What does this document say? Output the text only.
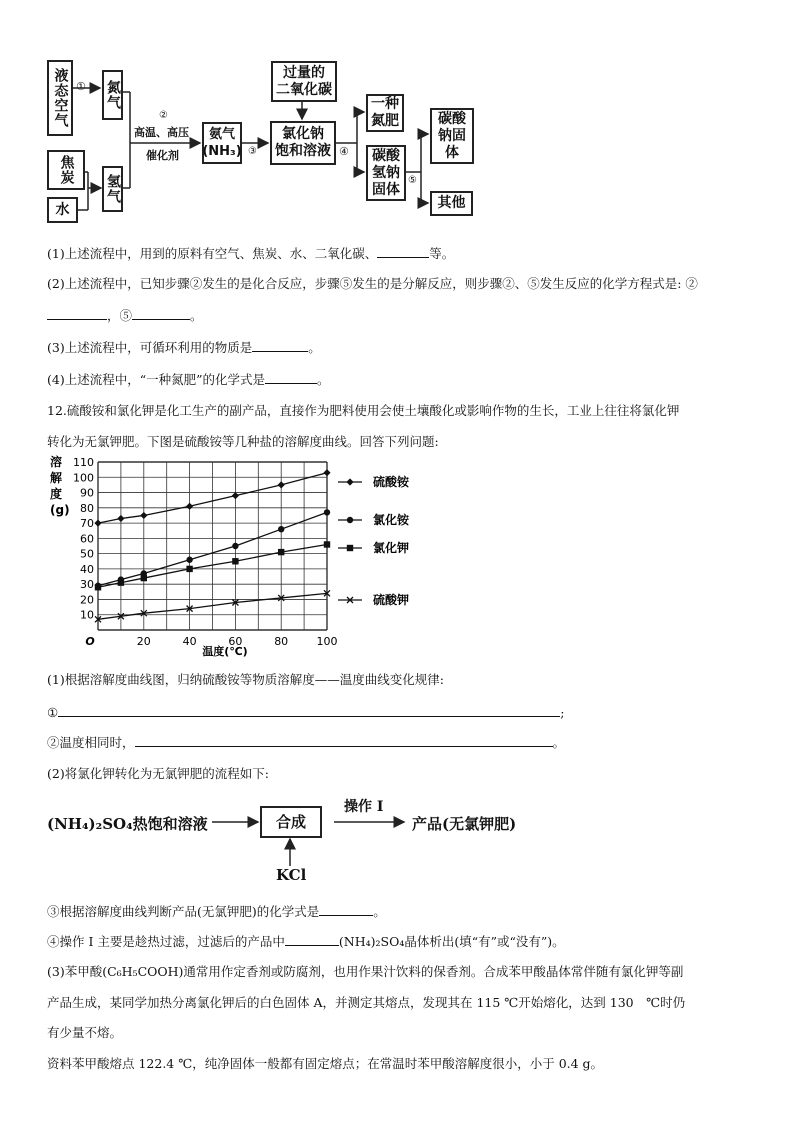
液态空气 ① 氮气
焦炭
水
氢气
②
高温、高压
催化剂
氨气
(NH₃) ③
过量的
二氧化碳
氯化钠
饱和溶液 ④
一种
氮肥
碳酸
氢钠
固体
⑤
碳酸
钠固
体
其他
(1)上述流程中，用到的原料有空气、焦炭、水、二氧化碳、	等。
(2)上述流程中，已知步骤②发生的是化合反应，步骤⑤发生的是分解反应，则步骤②、⑤发生反应的化学方程式是: ②
，⑤	。
(3)上述流程中，可循环利用的物质是	。
(4)上述流程中，“一种氮肥”的化学式是	。
12.硫酸铵和氯化钾是化工生产的副产品，直接作为肥料使用会使土壤酸化或影响作物的生长，工业上往往将氯化钾
转化为无氯钾肥。下图是硫酸铵等几种盐的溶解度曲线。回答下列问题:
10
20
30
40
50
60
70
80
90
100
110
O	20	40	60	80	100
硫酸铵
氯化铵
氯化钾
硫酸钾
溶解度(g)
温度(℃)
(1)根据溶解度曲线图，归纳硫酸铵等物质溶解度——温度曲线变化规律:
①	;
②温度相同时，	。
(2)将氯化钾转化为无氯钾肥的流程如下:
(NH₄)₂SO₄热饱和溶液	合成
操作 I
产品(无氯钾肥)
KCl
③根据溶解度曲线判断产品(无氯钾肥)的化学式是	。
④操作 I 主要是趁热过滤，过滤后的产品中	(NH₄)₂SO₄晶体析出(填“有”或“没有”)。
(3)苯甲酸(C₆H₅COOH)通常用作定香剂或防腐剂，也用作果汁饮料的保香剂。合成苯甲酸晶体常伴随有氯化钾等副
产品生成，某同学加热分离氯化钾后的白色固体 A，并测定其熔点，发现其在 115 ℃开始熔化，达到 130　℃时仍
有少量不熔。
资料苯甲酸熔点 122.4 ℃，纯净固体一般都有固定熔点；在常温时苯甲酸溶解度很小，小于 0.4 g。
